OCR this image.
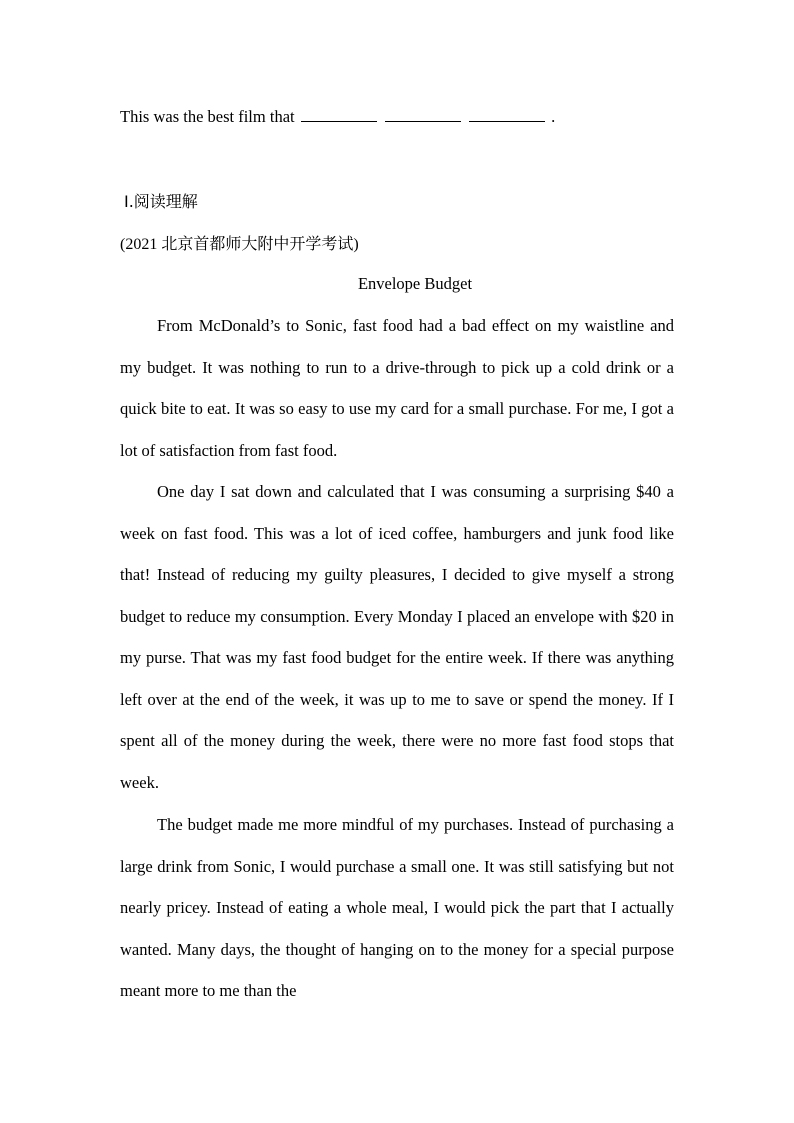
This was the best film that	.
Ⅰ.阅读理解
(2021 北京首都师大附中开学考试)
Envelope Budget

From McDonald’s to Sonic, fast food had a bad effect on my waistline and my budget. It was nothing to run to a drive-through to pick up a cold drink or a quick bite to eat. It was so easy to use my card for a small purchase. For me, I got a lot of satisfaction from fast food.

One day I sat down and calculated that I was consuming a surprising $40 a week on fast food. This was a lot of iced coffee, hamburgers and junk food like that! Instead of reducing my guilty pleasures, I decided to give myself a strong budget to reduce my consumption. Every Monday I placed an envelope with $20 in my purse. That was my fast food budget for the entire week. If there was anything left over at the end of the week, it was up to me to save or spend the money. If I spent all of the money during the week, there were no more fast food stops that week.

The budget made me more mindful of my purchases. Instead of purchasing a large drink from Sonic, I would purchase a small one. It was still satisfying but not nearly pricey. Instead of eating a whole meal, I would pick the part that I actually wanted. Many days, the thought of hanging on to the money for a special purpose meant more to me than the
